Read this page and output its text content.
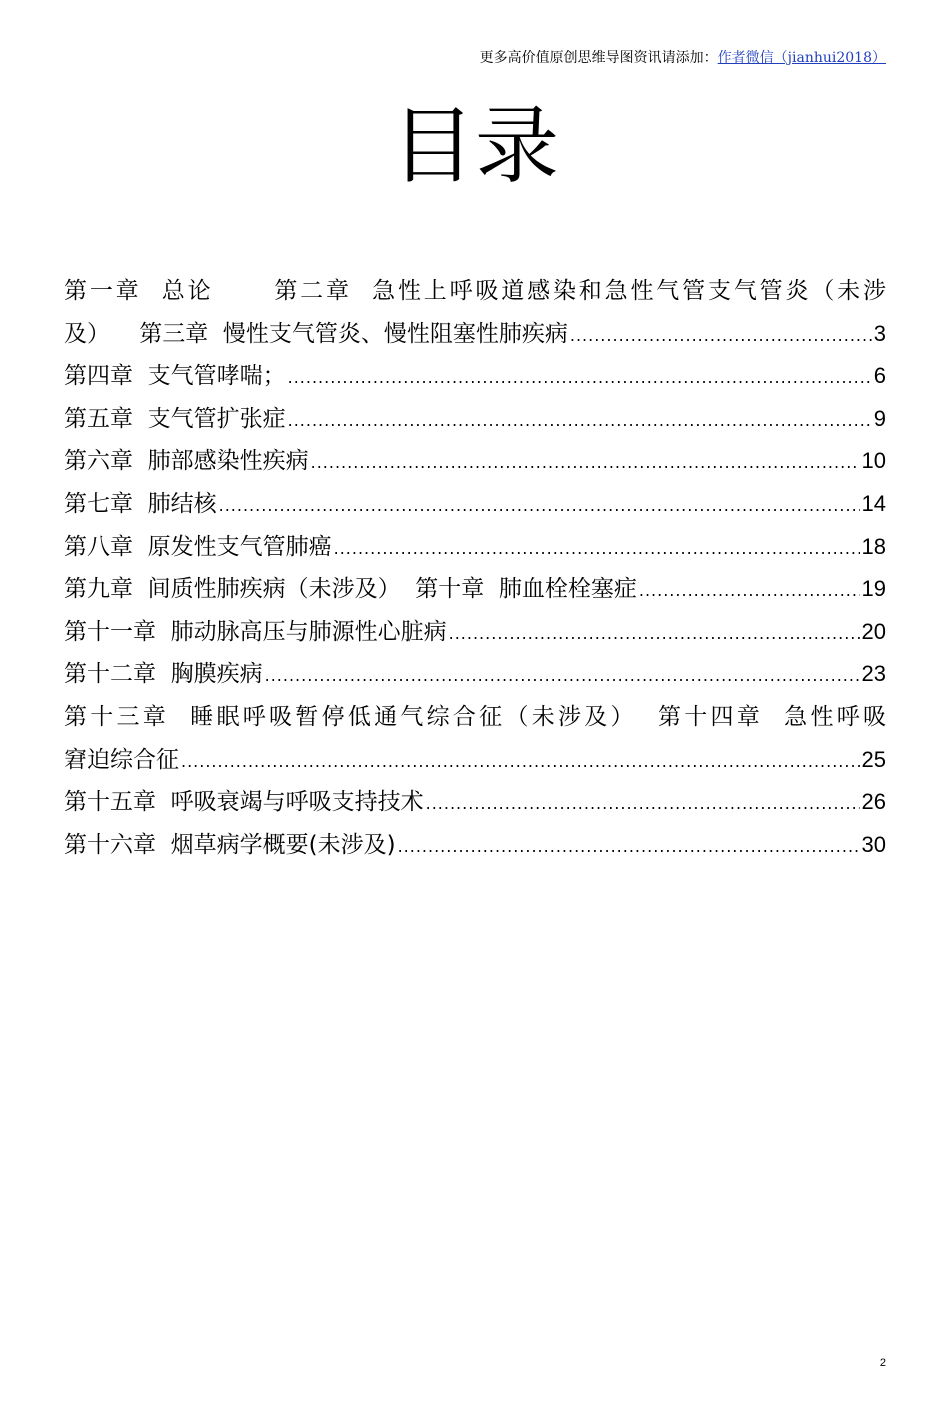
更多高价值原创思维导图资讯请添加：作者微信（jianhui2018）
目录
第一章  总论      第二章  急性上呼吸道感染和急性气管支气管炎（未涉
及）    第三章  慢性支气管炎、慢性阻塞性肺疾病 .....	3
第四章  支气管哮喘； .....	6
第五章  支气管扩张症 .....	9
第六章  肺部感染性疾病 .....	10
第七章  肺结核 .....	14
第八章  原发性支气管肺癌 .....	18
第九章  间质性肺疾病（未涉及）  第十章  肺血栓栓塞症 .....	19
第十一章  肺动脉高压与肺源性心脏病 .....	20
第十二章  胸膜疾病 .....	23
第十三章  睡眠呼吸暂停低通气综合征（未涉及）  第十四章  急性呼吸
窘迫综合征 .....	25
第十五章  呼吸衰竭与呼吸支持技术 .....	26
第十六章  烟草病学概要(未涉及) .....	30
2
